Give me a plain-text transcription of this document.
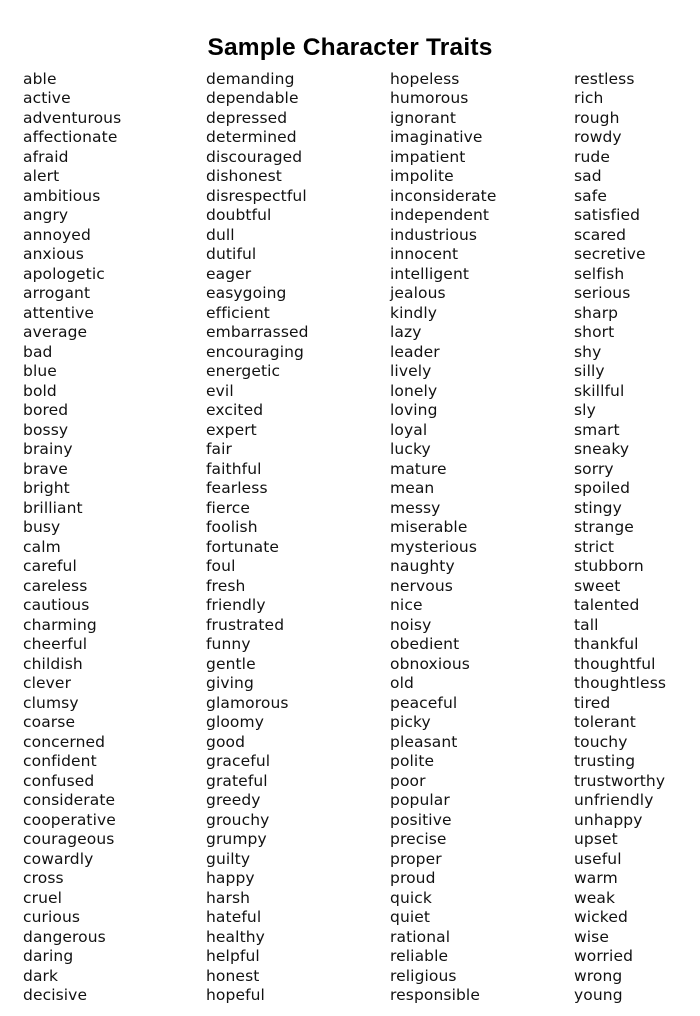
Sample Character Traits
able
active
adventurous
affectionate
afraid
alert
ambitious
angry
annoyed
anxious
apologetic
arrogant
attentive
average
bad
blue
bold
bored
bossy
brainy
brave
bright
brilliant
busy
calm
careful
careless
cautious
charming
cheerful
childish
clever
clumsy
coarse
concerned
confident
confused
considerate
cooperative
courageous
cowardly
cross
cruel
curious
dangerous
daring
dark
decisive
demanding
dependable
depressed
determined
discouraged
dishonest
disrespectful
doubtful
dull
dutiful
eager
easygoing
efficient
embarrassed
encouraging
energetic
evil
excited
expert
fair
faithful
fearless
fierce
foolish
fortunate
foul
fresh
friendly
frustrated
funny
gentle
giving
glamorous
gloomy
good
graceful
grateful
greedy
grouchy
grumpy
guilty
happy
harsh
hateful
healthy
helpful
honest
hopeful
hopeless
humorous
ignorant
imaginative
impatient
impolite
inconsiderate
independent
industrious
innocent
intelligent
jealous
kindly
lazy
leader
lively
lonely
loving
loyal
lucky
mature
mean
messy
miserable
mysterious
naughty
nervous
nice
noisy
obedient
obnoxious
old
peaceful
picky
pleasant
polite
poor
popular
positive
precise
proper
proud
quick
quiet
rational
reliable
religious
responsible
restless
rich
rough
rowdy
rude
sad
safe
satisfied
scared
secretive
selfish
serious
sharp
short
shy
silly
skillful
sly
smart
sneaky
sorry
spoiled
stingy
strange
strict
stubborn
sweet
talented
tall
thankful
thoughtful
thoughtless
tired
tolerant
touchy
trusting
trustworthy
unfriendly
unhappy
upset
useful
warm
weak
wicked
wise
worried
wrong
young
